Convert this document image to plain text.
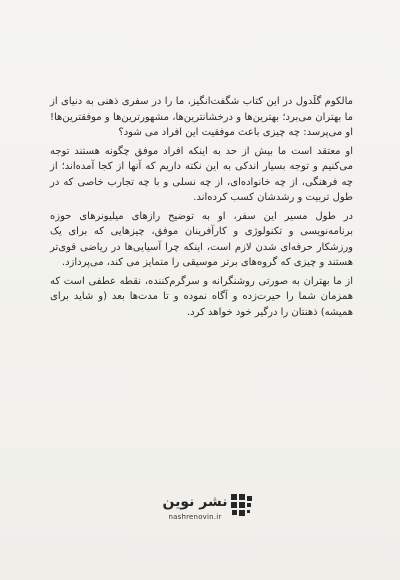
مالکوم گلَدول در این کتاب شگفت‌انگیز، ما را در سفری ذهنی به دنیای از ما بهتران می‌برد؛ بهترین‌ها و درخشانترین‌ها، مشهورترین‌ها و موفقترین‌ها! او می‌پرسد: چه چیزی باعث موفقیت این افراد می شود؟

او معتقد است ما بیش از حد به اینکه افراد موفق چگونه هستند توجه می‌کنیم و توجه بسیار اندکی به این نکته داریم که آنها از کجا آمده‌اند؛ از چه فرهنگی، از چه خانواده‌ای، از چه نسلی و با چه تجارب خاصی که در طول تربیت و رشدشان کسب کرده‌اند.

در طول مسیر این سفر، او به توضیح رازهای میلیونرهای حوزه برنامه‌نویسی و تکنولوژی و کارآفرینان موفق، چیزهایی که برای یک ورزشکار حرفه‌ای شدن لازم است، اینکه چرا آسیایی‌ها در ریاضی قوی‌تر هستند و چیزی که گروه‌های برتر موسیقی را متمایز می کند، می‌پردازد.

از ما بهتران به صورتی روشنگرانه و سرگرم‌کننده، نقطه عطفی است که همزمان شما را حیرت‌زده و آگاه نموده و تا مدت‌ها بعد (و شاید برای همیشه) ذهنتان را درگیر خود خواهد کرد.

نشر نوین
nashrenovin.ir
